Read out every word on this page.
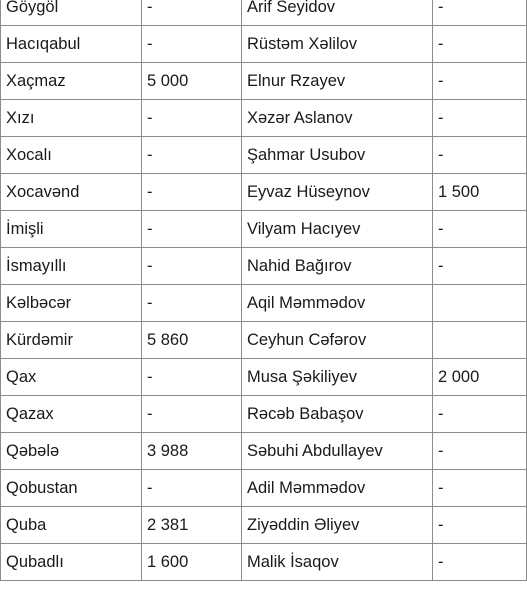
Göygöl	-	Arif Seyidov	-
Hacıqabul	-	Rüstəm Xəlilov	-
Xaçmaz	5 000	Elnur Rzayev	-
Xızı	-	Xəzər Aslanov	-
Xocalı	-	Şahmar Usubov	-
Xocavənd	-	Eyvaz Hüseynov	1 500
İmişli	-	Vilyam Hacıyev	-
İsmayıllı	-	Nahid Bağırov	-
Kəlbəcər	-	Aqil Məmmədov	
Kürdəmir	5 860	Ceyhun Cəfərov	
Qax	-	Musa Şəkiliyev	2 000
Qazax	-	Rəcəb Babaşov	-
Qəbələ	3 988	Səbuhi Abdullayev	-
Qobustan	-	Adil Məmmədov	-
Quba	2 381	Ziyəddin Əliyev	-
Qubadlı	1 600	Malik İsaqov	-
